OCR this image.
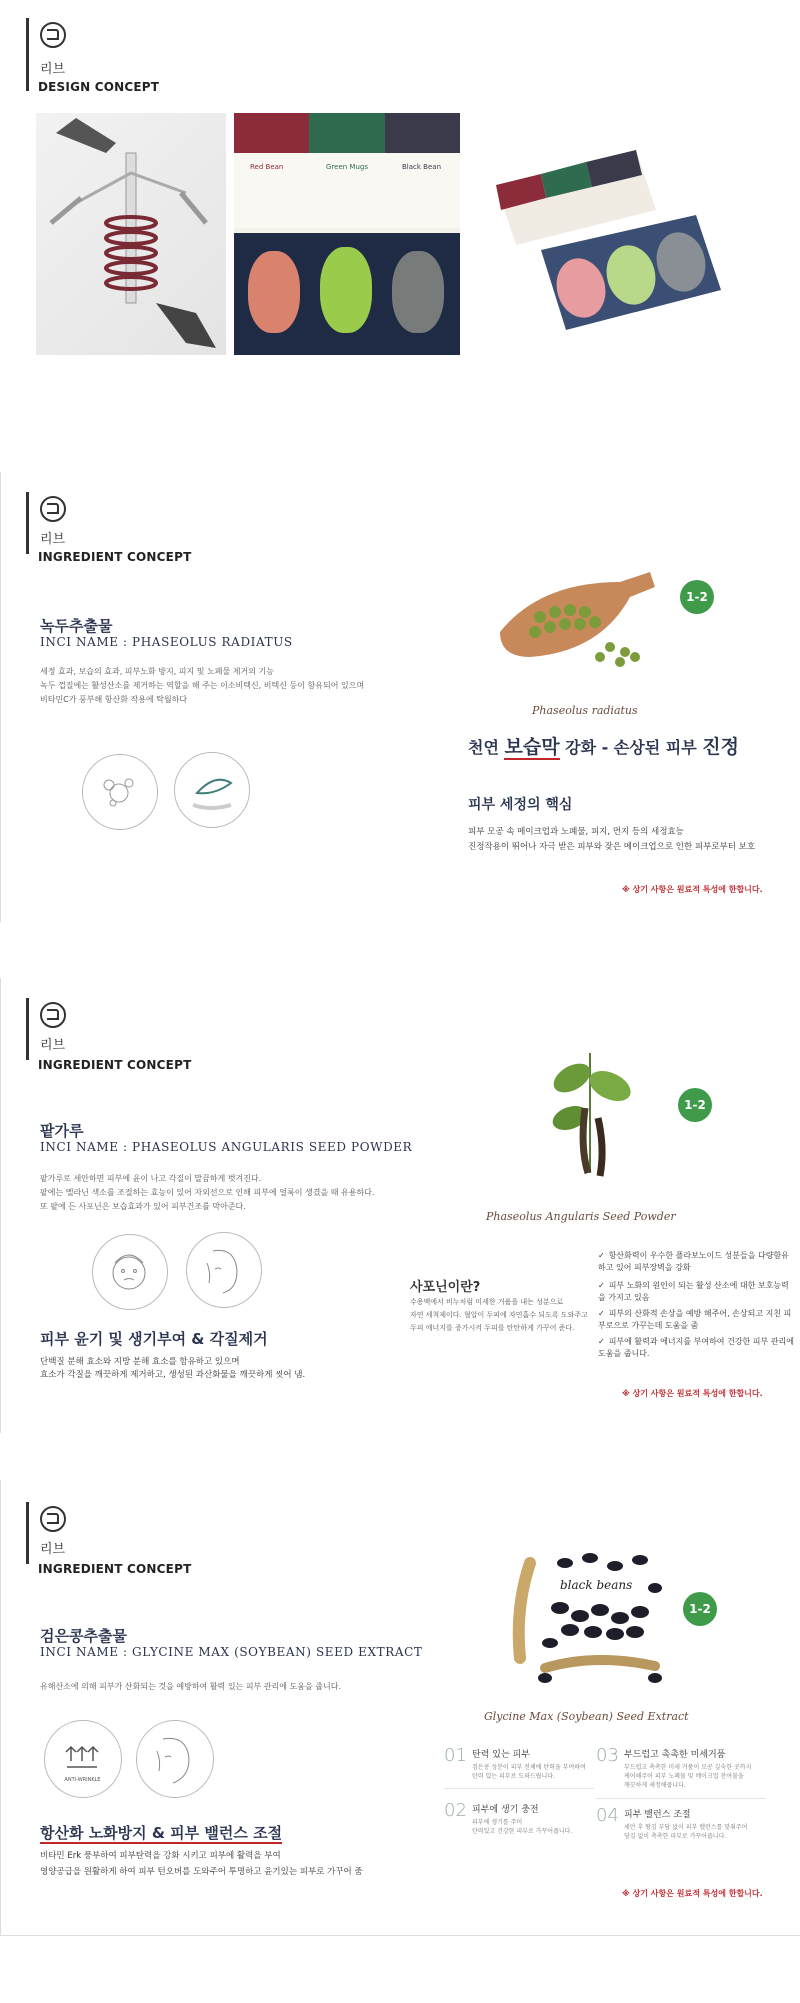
리브
DESIGN CONCEPT
Red Bean	Green Mugs	Black Bean
리브
INGREDIENT CONCEPT
녹두추출물
INCI NAME : PHASEOLUS RADIATUS
세정 효과, 보습의 효과, 피부노화 방지, 피지 및 노폐물 제거의 기능
녹두 껍질에는 활성산소를 제거하는 역할을 해 주는 이소비텍신, 비텍신 등이 함유되어 있으며
비타민C가 풍부해 항산화 작용에 탁월하다
1-2
Phaseolus radiatus
천연 보습막 강화 - 손상된 피부 진정
피부 세정의 핵심
피부 모공 속 메이크업과 노폐물, 피지, 먼지 등의 세정효능
진정작용이 뛰어나 자극 받은 피부와 잦은 메이크업으로 인한 피부로부터 보호
※ 상기 사항은 원료적 특성에 한합니다.
리브
INGREDIENT CONCEPT
팥가루
INCI NAME : PHASEOLUS ANGULARIS SEED POWDER
팥가루로 세안하면 피부에 윤이 나고 각질이 말끔하게 벗겨진다.
팥에는 멜라닌 색소를 조절하는 효능이 있어 자외선으로 인해 피부에 얼룩이 생겼을 때 유용하다.
또 팥에 든 사포닌은 보습효과가 있어 피부건조를 막아준다.
피부 윤기 및 생기부여 & 각질제거
단백질 분해 효소와 지방 분해 효소를 함유하고 있으며
효소가 각질을 깨끗하게 제거하고, 생성된 과산화물을 깨끗하게 씻어 냄.
1-2
Phaseolus Angularis Seed Powder
사포닌이란?
수용액에서 비누처럼 미세한 거품을 내는 성분으로
자연 세척제이다. 혈압이 두피에 자연흡수 되도록 도와주고
두피 에너지를 증가시켜 두피를 탄탄하게 가꾸어 준다.
✓ 항산화력이 우수한 플라보노이드 성분들을 다량함유하고 있어 피부장벽을 강화
✓ 피부 노화의 원인이 되는 활성 산소에 대한 보호능력을 가지고 있음
✓ 피부의 산화적 손상을 예방 해주어, 손상되고 지친 피부로으로 가꾸는데 도움을 줌
✓ 피부에 활력과 에너지를 부여하여 건강한 피부 관리에 도움을 줍니다.
※ 상기 사항은 원료적 특성에 한합니다.
리브
INGREDIENT CONCEPT
검은콩추출물
INCI NAME : GLYCINE MAX (SOYBEAN) SEED EXTRACT
유해산소에 의해 피부가 산화되는 것을 예방하여 활력 있는 피부 관리에 도움을 줍니다.
ANTI-WRINKLE
항산화 노화방지 & 피부 밸런스 조절
비타민 Erk 풍부하여 피부탄력을 강화 시키고 피부에 활력을 부여
영양공급을 원활하게 하여 피부 턴오버를 도와주어 투명하고 윤기있는 피부로 가꾸어 줌
black beans
1-2
Glycine Max (Soybean) Seed Extract
01 탄력 있는 피부
검은콩 성분이 피부 전체에 탄력을 부여하여
탄력 있는 피부로 도와드립니다.
02 피부에 생기 충전
피부에 생기를 주어
탄력있고 건강한 피부로 가꾸어줍니다.
03 부드럽고 촉촉한 미세거품
부드럽고 촉촉한 미세 거품이 모공 깊숙한 곳까지
케어해주어 피부 노폐물 및 메이크업 잔여물을
깨끗하게 세정해줍니다.
04 피부 밸런스 조절
세안 후 땅김 부담 없이 피부 밸런스를 맞춰주어
당김 없이 촉촉한 피부로 가꾸어줍니다.
※ 상기 사항은 원료적 특성에 한합니다.
